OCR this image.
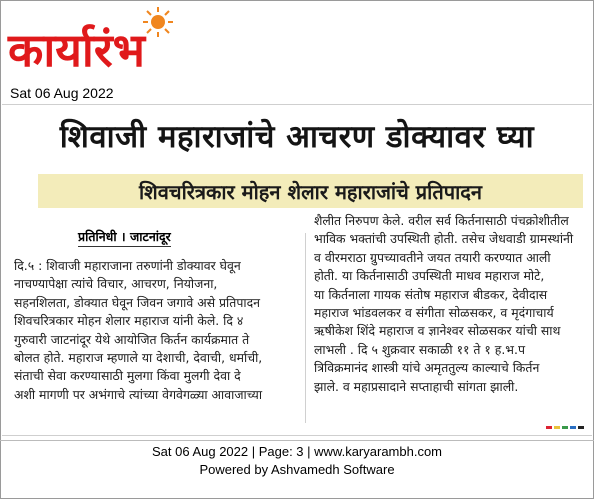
कार्यारंभ
Sat 06 Aug 2022
शिवाजी महाराजांचे आचरण डोक्यावर घ्या
शिवचरित्रकार मोहन शेलार महाराजांचे प्रतिपादन
प्रतिनिधी । जाटनांदूर
दि.५ : शिवाजी महाराजाना तरुणांनी डोक्यावर घेवून
नाचण्यापेक्षा त्यांचे विचार, आचरण, नियोजना,
सहनशिलता, डोक्यात घेवून जिवन जगावे असे प्रतिपादन
शिवचरित्रकार मोहन शेलार महाराज यांनी केले. दि ४
गुरुवारी जाटनांदूर येथे आयोजित किर्तन कार्यक्रमात ते
बोलत होते. महाराज म्हणाले या देशाची, देवाची, धर्माची,
संताची सेवा करण्यासाठी मुलगा किंवा मुलगी देवा दे
अशी मागणी पर अभंगाचे त्यांच्या वेगवेगळ्या आवाजाच्या
शैलीत निरुपण केले. वरील सर्व किर्तनासाठी पंचक्रोशीतील
भाविक भक्तांची उपस्थिती होती. तसेच जेधवाडी ग्रामस्थांनी
व वीरमराठा ग्रुपच्यावतीने जयत तयारी करण्यात आली
होती. या किर्तनासाठी उपस्थिती माधव महाराज मोटे,
या किर्तनाला गायक संतोष महाराज बीडकर, देवीदास
महाराज भांडवलकर व संगीता सोळसकर, व मृदंगाचार्य
ऋषीकेश शिंदे महाराज व ज्ञानेश्वर सोळसकर यांची साथ
लाभली . दि ५ शुक्रवार सकाळी ११ ते १ ह.भ.प
त्रिविक्रमानंद शास्त्री यांचे अमृततुल्य काल्याचे किर्तन
झाले. व महाप्रसादाने सप्ताहाची सांगता झाली.
Sat 06 Aug 2022 | Page: 3 | www.karyarambh.com
Powered by Ashvamedh Software
